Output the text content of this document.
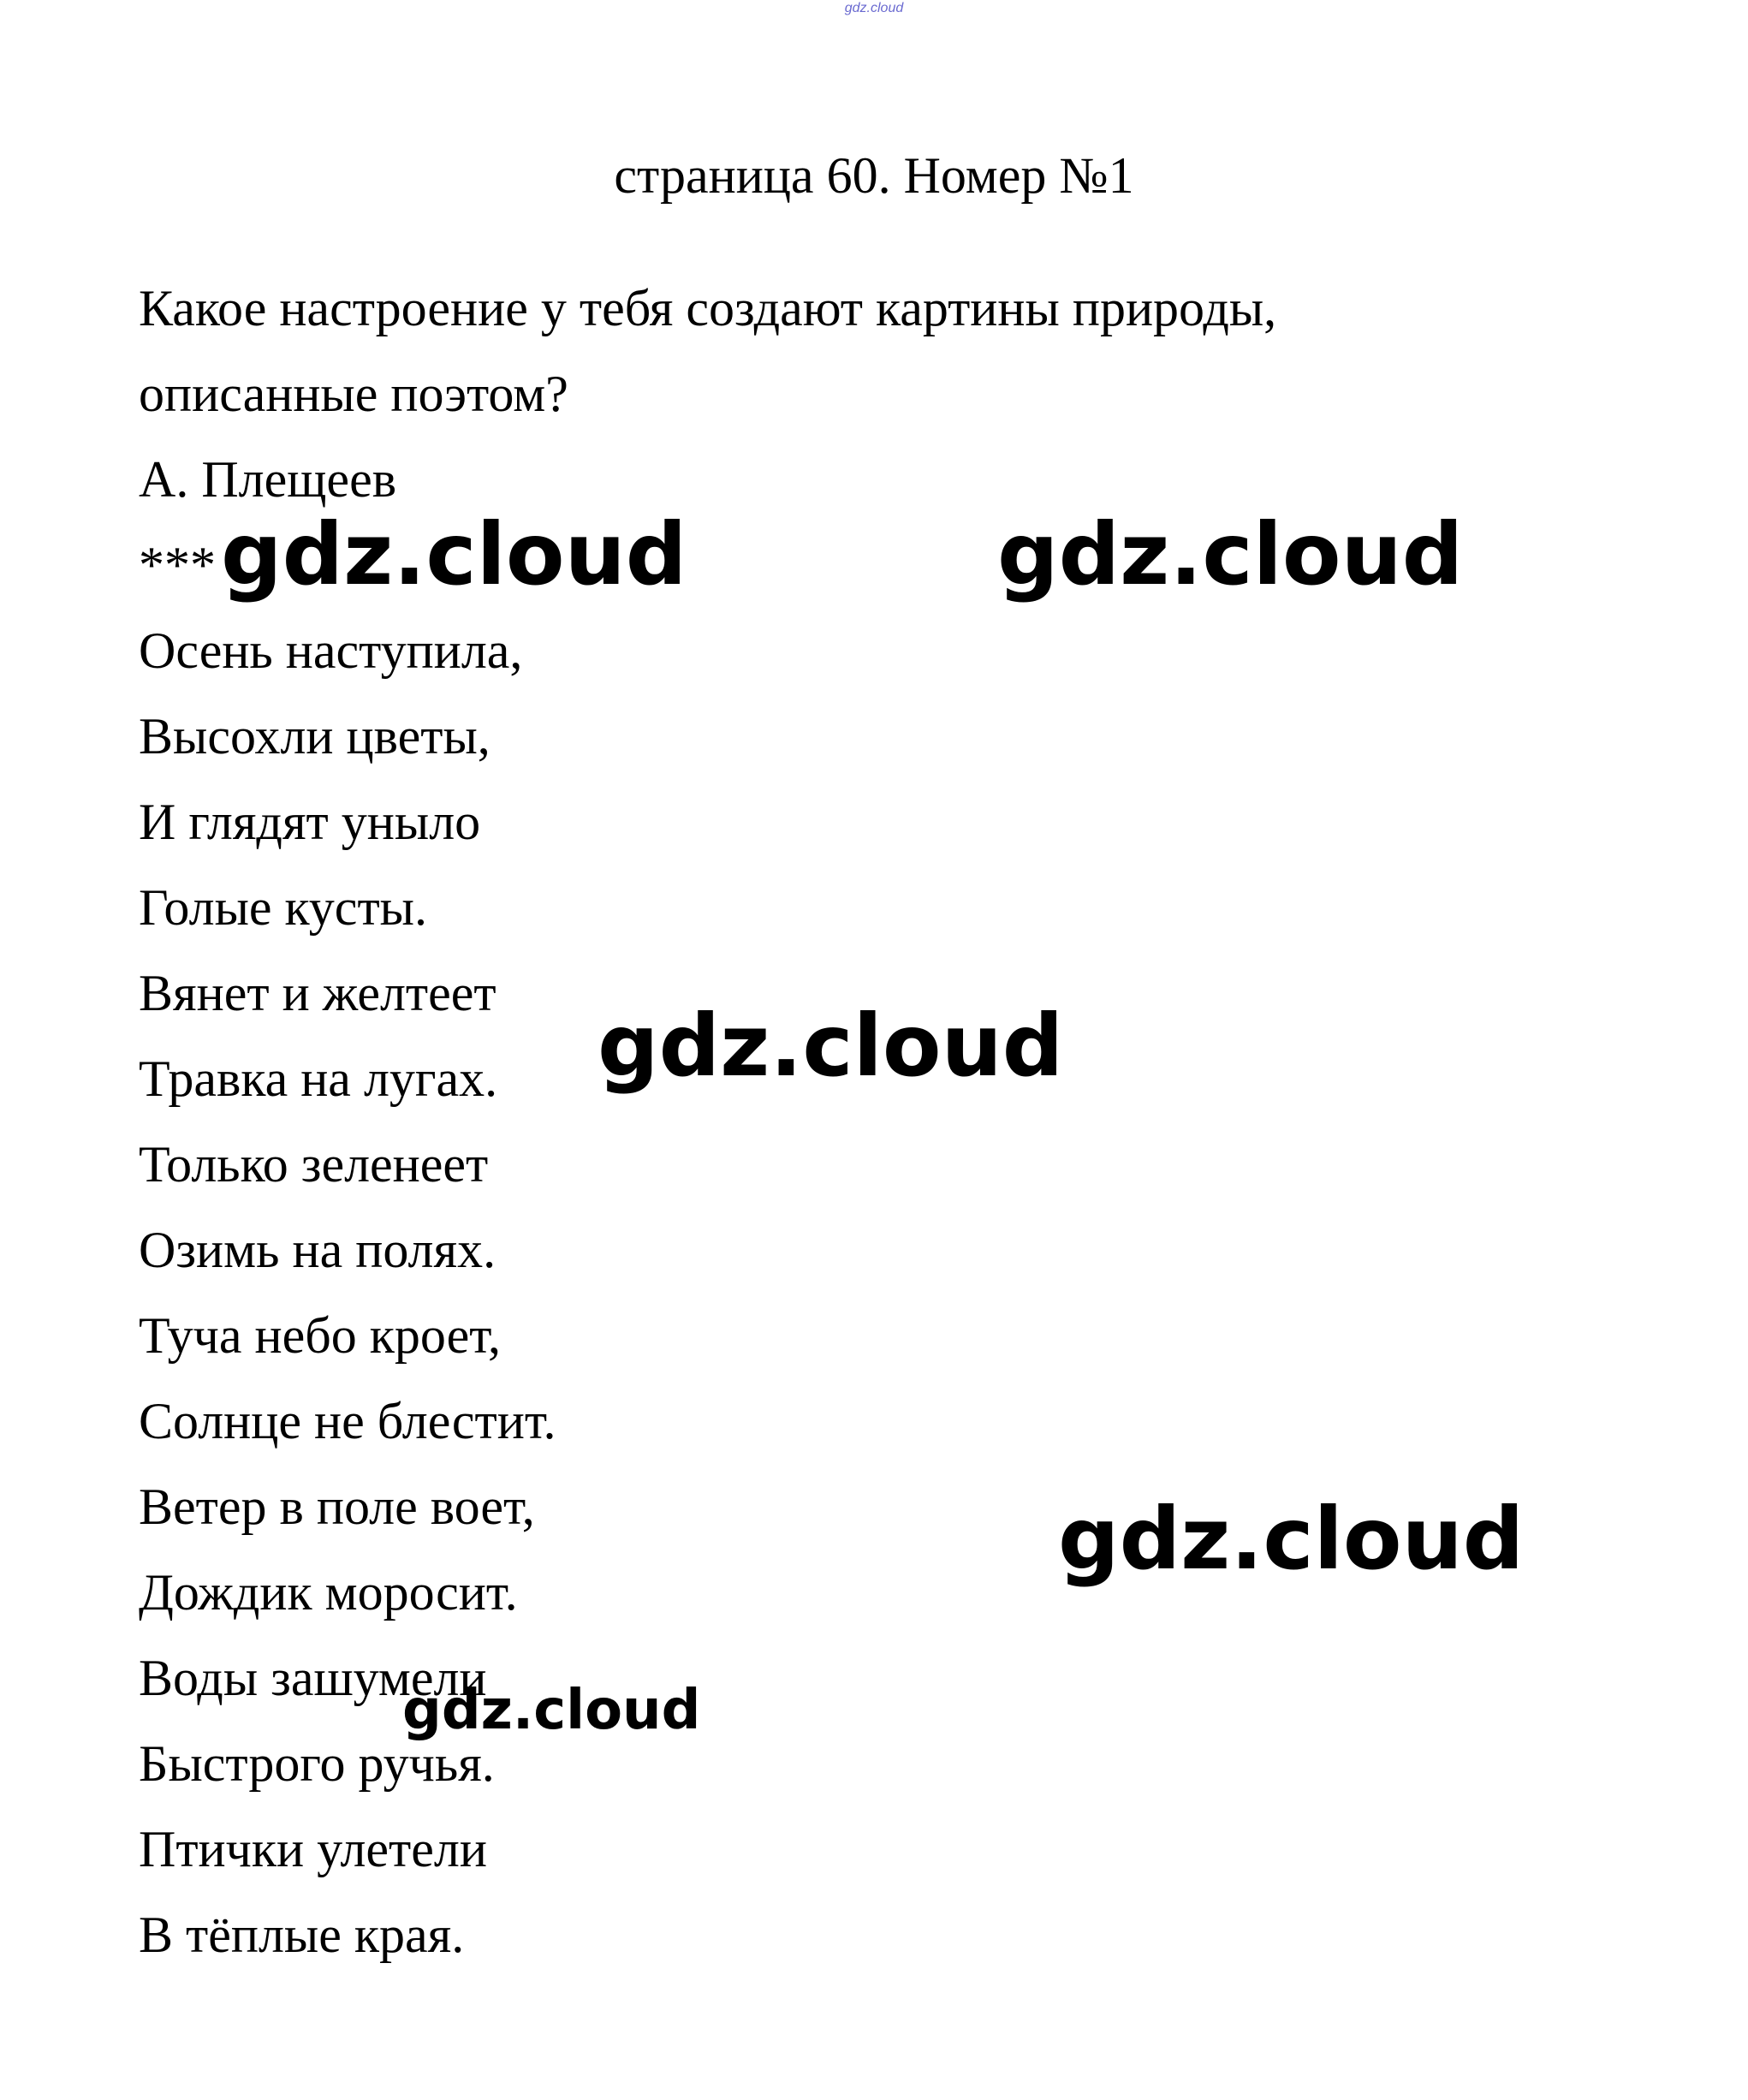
gdz.cloud
страница 60. Номер №1
Какое настроение у тебя создают картины природы,
описанные поэтом?
А. Плещеев
***
Осень наступила,
Высохли цветы,
И глядят уныло
Голые кусты.
Вянет и желтеет
Травка на лугах.
Только зеленеет
Озимь на полях.
Туча небо кроет,
Солнце не блестит.
Ветер в поле воет,
Дождик моросит.
Воды зашумели
Быстрого ручья.
Птички улетели
В тёплые края.
gdz.cloud	gdz.cloud
gdz.cloud
gdz.cloud
gdz.cloud
